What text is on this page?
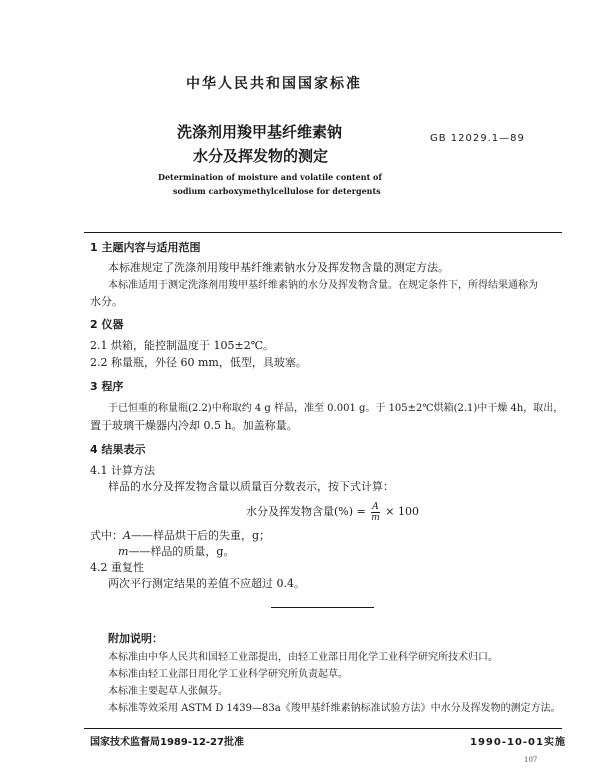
中华人民共和国国家标准
洗涤剂用羧甲基纤维素钠
水分及挥发物的测定
GB 12029.1—89
Determination of moisture and volatile content of
sodium carboxymethylcellulose for detergents
1 主题内容与适用范围
本标准规定了洗涤剂用羧甲基纤维素钠水分及挥发物含量的测定方法。
本标准适用于测定洗涤剂用羧甲基纤维素钠的水分及挥发物含量。在规定条件下，所得结果通称为
水分。
2 仪器
2.1 烘箱，能控制温度于 105±2℃。
2.2 称量瓶，外径 60 mm，低型，具玻塞。
3 程序
于已恒重的称量瓶(2.2)中称取约 4 g 样品，准至 0.001 g。于 105±2℃烘箱(2.1)中干燥 4h，取出，
置于玻璃干燥器内冷却 0.5 h。加盖称量。
4 结果表示
4.1 计算方法
样品的水分及挥发物含量以质量百分数表示，按下式计算：
水分及挥发物含量(%) = $\frac{A}{m} \times 100$
式中：A——样品烘干后的失重，g；
m——样品的质量，g。
4.2 重复性
两次平行测定结果的差值不应超过 0.4。
附加说明：
本标准由中华人民共和国轻工业部提出，由轻工业部日用化学工业科学研究所技术归口。
本标准由轻工业部日用化学工业科学研究所负责起草。
本标准主要起草人张佩芬。
本标准等效采用 ASTM D 1439—83a《羧甲基纤维素钠标准试验方法》中水分及挥发物的测定方法。
国家技术监督局1989-12-27批准	1990-10-01实施
107
